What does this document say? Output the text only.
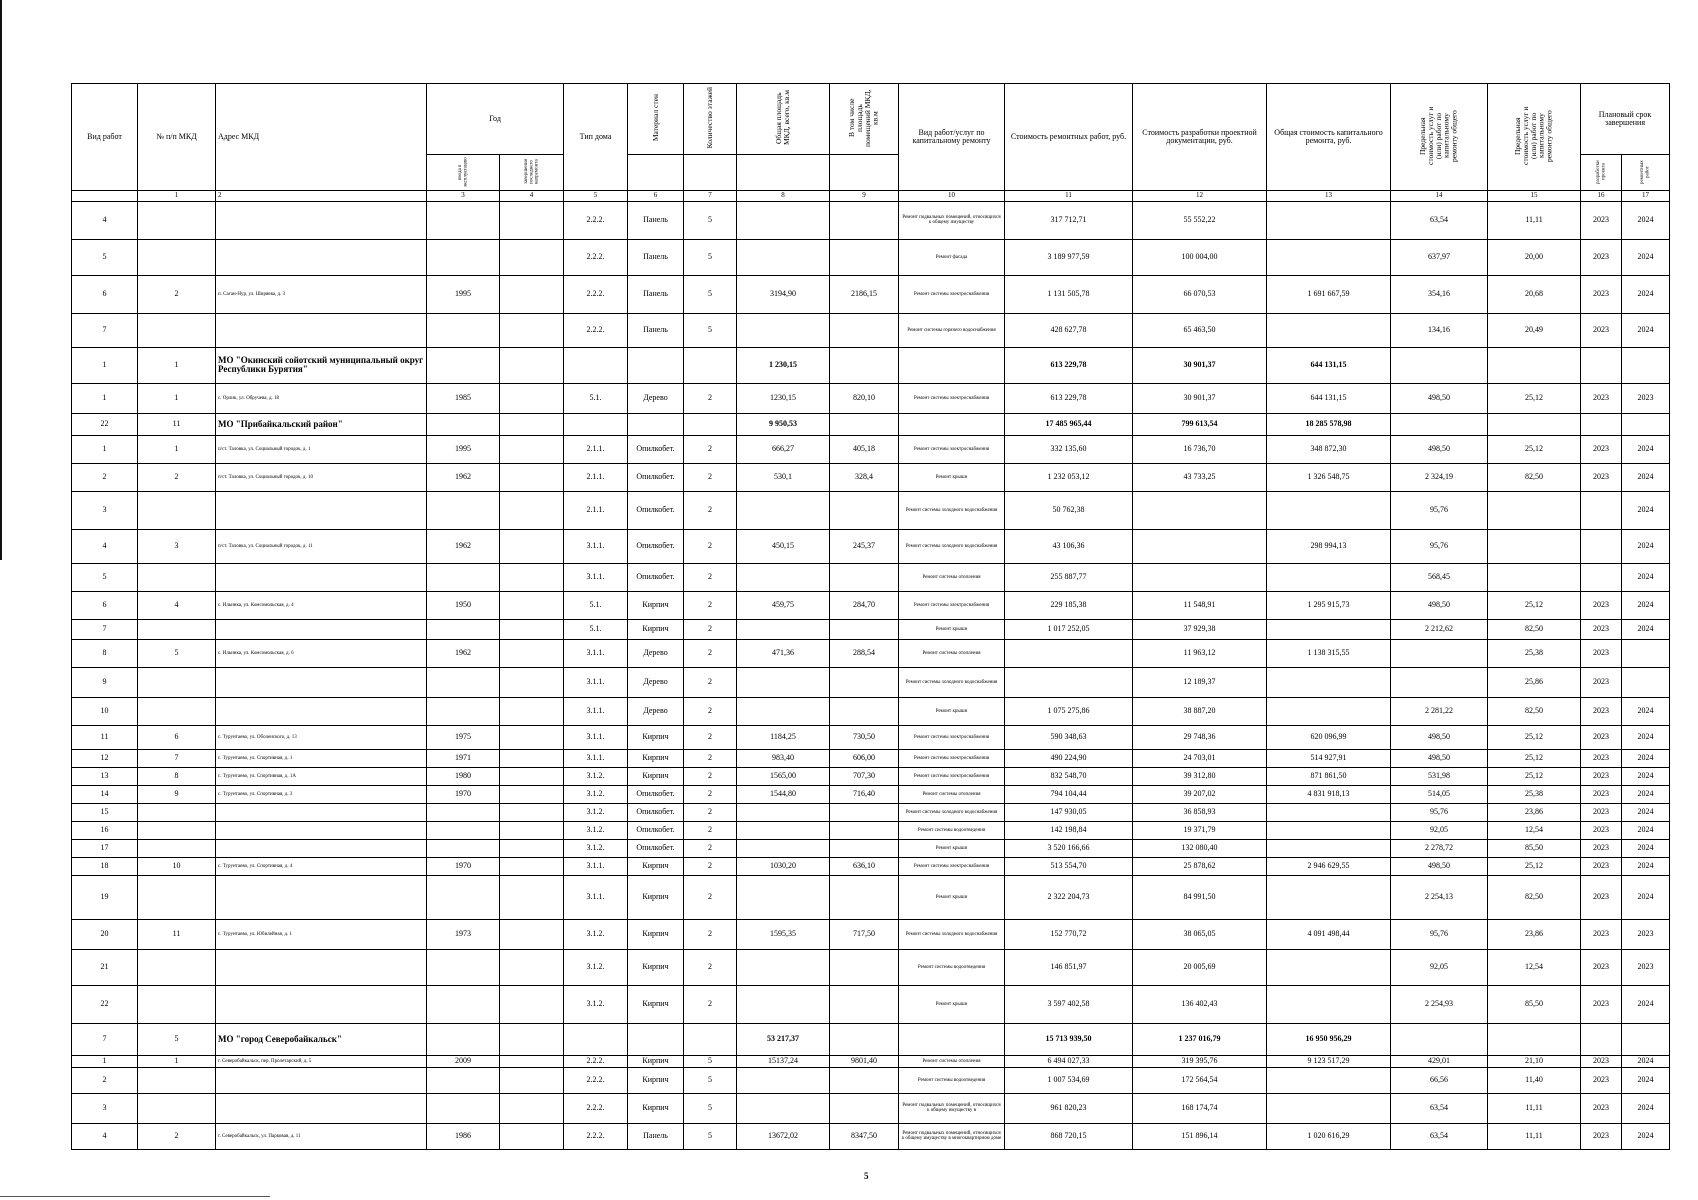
Вид работ	№ п/п МКД	Адрес МКД	Год		Тип дома	Материал стен	Количество этажей	Общая площадь МКД, всего, кв.м	В том числе площадь помещений МКД, кв.м	Вид работ/услуг по капитальному ремонту	Стоимость ремонтных работ, руб.	Стоимость разработки проектной документации, руб.	Общая стоимость капитального ремонта, руб.	Предельная стоимость услуг и (или) работ по капитальному ремонту общего	Предельная стоимость услуг и (или) работ по капитальному ремонту общего	Плановый срок завершения	
			ввода в эксплуатацию	завершения последнего капремонта												разработки проекта	ремонтных работ
	1	2	3	4	5	6	7	8	9	10	11	12	13	14	15	16	17
4					2.2.2.	Панель	5			Ремонт подвальных помещений, относящихся к общему имуществу	317 712,71	55 552,22		63,54	11,11	2023	2024
5					2.2.2.	Панель	5			Ремонт фасада	3 189 977,59	100 004,00		637,97	20,00	2023	2024
6	2	п. Саган-Нур, ул. Ширяева, д. 3	1995		2.2.2.	Панель	5	3194,90	2186,15	Ремонт системы электроснабжения	1 131 505,78	66 070,53	1 691 667,59	354,16	20,68	2023	2024
7					2.2.2.	Панель	5			Ремонт системы горячего водоснабжения	428 627,78	65 463,50		134,16	20,49	2023	2024
1	1	МО "Окинский сойотский муниципальный округ Республики Бурятия"						1 230,15			613 229,78	30 901,37	644 131,15				
1	1	с. Орлик, ул. Обручева, д. 18	1985		5.1.	Дерево	2	1230,15	820,10	Ремонт системы электроснабжения	613 229,78	30 901,37	644 131,15	498,50	25,12	2023	2023
22	11	МО "Прибайкальский район"						9 950,53			17 485 965,44	799 613,54	18 285 578,98				
1	1	п/ст. Таловка, ул. Социальный городок, д. 1	1995		2.1.1.	Опилкобет.	2	666,27	405,18	Ремонт системы электроснабжения	332 135,60	16 736,70	348 872,30	498,50	25,12	2023	2024
2	2	п/ст. Таловка, ул. Социальный городок, д. 10	1962		2.1.1.	Опилкобет.	2	530,1	328,4	Ремонт крыши	1 232 053,12	43 733,25	1 326 548,75	2 324,19	82,50	2023	2024
3					2.1.1.	Опилкобет.	2			Ремонт системы холодного водоснабжения	50 762,38			95,76			2024
4	3	п/ст. Таловка, ул. Социальный городок, д. 11	1962		3.1.1.	Опилкобет.	2	450,15	245,37	Ремонт системы холодного водоснабжения	43 106,36		298 994,13	95,76			2024
5					3.1.1.	Опилкобет.	2			Ремонт системы отопления	255 887,77			568,45			2024
6	4	с. Ильинка, ул. Комсомольская, д. 4	1950		5.1.	Кирпич	2	459,75	284,70	Ремонт системы электроснабжения	229 185,38	11 548,91	1 295 915,73	498,50	25,12	2023	2024
7					5.1.	Кирпич	2			Ремонт крыши	1 017 252,05	37 929,38		2 212,62	82,50	2023	2024
8	5	с. Ильинка, ул. Комсомольская, д. 6	1962		3.1.1.	Дерево	2	471,36	288,54	Ремонт системы отопления		11 963,12	1 138 315,55		25,38	2023	
9					3.1.1.	Дерево	2			Ремонт системы холодного водоснабжения		12 189,37			25,86	2023	
10					3.1.1.	Дерево	2			Ремонт крыши	1 075 275,86	38 887,20		2 281,22	82,50	2023	2024
11	6	с. Турунтаево, ул. Оболенского, д. 13	1975		3.1.1.	Кирпич	2	1184,25	730,50	Ремонт системы электроснабжения	590 348,63	29 748,36	620 096,99	498,50	25,12	2023	2024
12	7	с. Турунтаево, ул. Спортивная, д. 1	1971		3.1.1.	Кирпич	2	983,40	606,00	Ремонт системы электроснабжения	490 224,90	24 703,01	514 927,91	498,50	25,12	2023	2024
13	8	с. Турунтаево, ул. Спортивная, д. 1А	1980		3.1.2.	Кирпич	2	1565,00	707,30	Ремонт системы электроснабжения	832 548,70	39 312,80	871 861,50	531,98	25,12	2023	2024
14	9	с. Турунтаево, ул. Спортивная, д. 3	1970		3.1.2.	Опилкобет.	2	1544,80	716,40	Ремонт системы отопления	794 104,44	39 207,02	4 831 918,13	514,05	25,38	2023	2024
15					3.1.2.	Опилкобет.	2			Ремонт системы холодного водоснабжения	147 930,05	36 858,93		95,76	23,86	2023	2024
16					3.1.2.	Опилкобет.	2			Ремонт системы водоотведения	142 198,84	19 371,79		92,05	12,54	2023	2024
17					3.1.2.	Опилкобет.	2			Ремонт крыши	3 520 166,66	132 080,40		2 278,72	85,50	2023	2024
18	10	с. Турунтаево, ул. Спортивная, д. 4	1970		3.1.1.	Кирпич	2	1030,20	636,10	Ремонт системы электроснабжения	513 554,70	25 878,62	2 946 629,55	498,50	25,12	2023	2024
19					3.1.1.	Кирпич	2			Ремонт крыши	2 322 204,73	84 991,50		2 254,13	82,50	2023	2024
20	11	с. Турунтаево, ул. Юбилейная, д. 1	1973		3.1.2.	Кирпич	2	1595,35	717,50	Ремонт системы холодного водоснабжения	152 770,72	38 065,05	4 091 498,44	95,76	23,86	2023	2023
21					3.1.2.	Кирпич	2			Ремонт системы водоотведения	146 851,97	20 005,69		92,05	12,54	2023	2023
22					3.1.2.	Кирпич	2			Ремонт крыши	3 597 402,58	136 402,43		2 254,93	85,50	2023	2024
7	5	МО "город Северобайкальск"						53 217,37			15 713 939,50	1 237 016,79	16 950 956,29				
1	1	г. Северобайкальск, пер. Пролетарский, д. 5	2009		2.2.2.	Кирпич	5	15137,24	9801,40	Ремонт системы отопления	6 494 027,33	319 395,76	9 123 517,29	429,01	21,10	2023	2024
2					2.2.2.	Кирпич	5			Ремонт системы водоотведения	1 007 534,69	172 564,54		66,56	11,40	2023	2024
3					2.2.2.	Кирпич	5			Ремонт подвальных помещений, относящихся к общему имуществу в	961 820,23	168 174,74		63,54	11,11	2023	2024
4	2	г. Северобайкальск, ул. Парковая, д. 11	1986		2.2.2.	Панель	5	13672,02	8347,50	Ремонт подвальных помещений, относящихся к общему имуществу в многоквартирном доме	868 720,15	151 896,14	1 020 616,29	63,54	11,11	2023	2024
5
